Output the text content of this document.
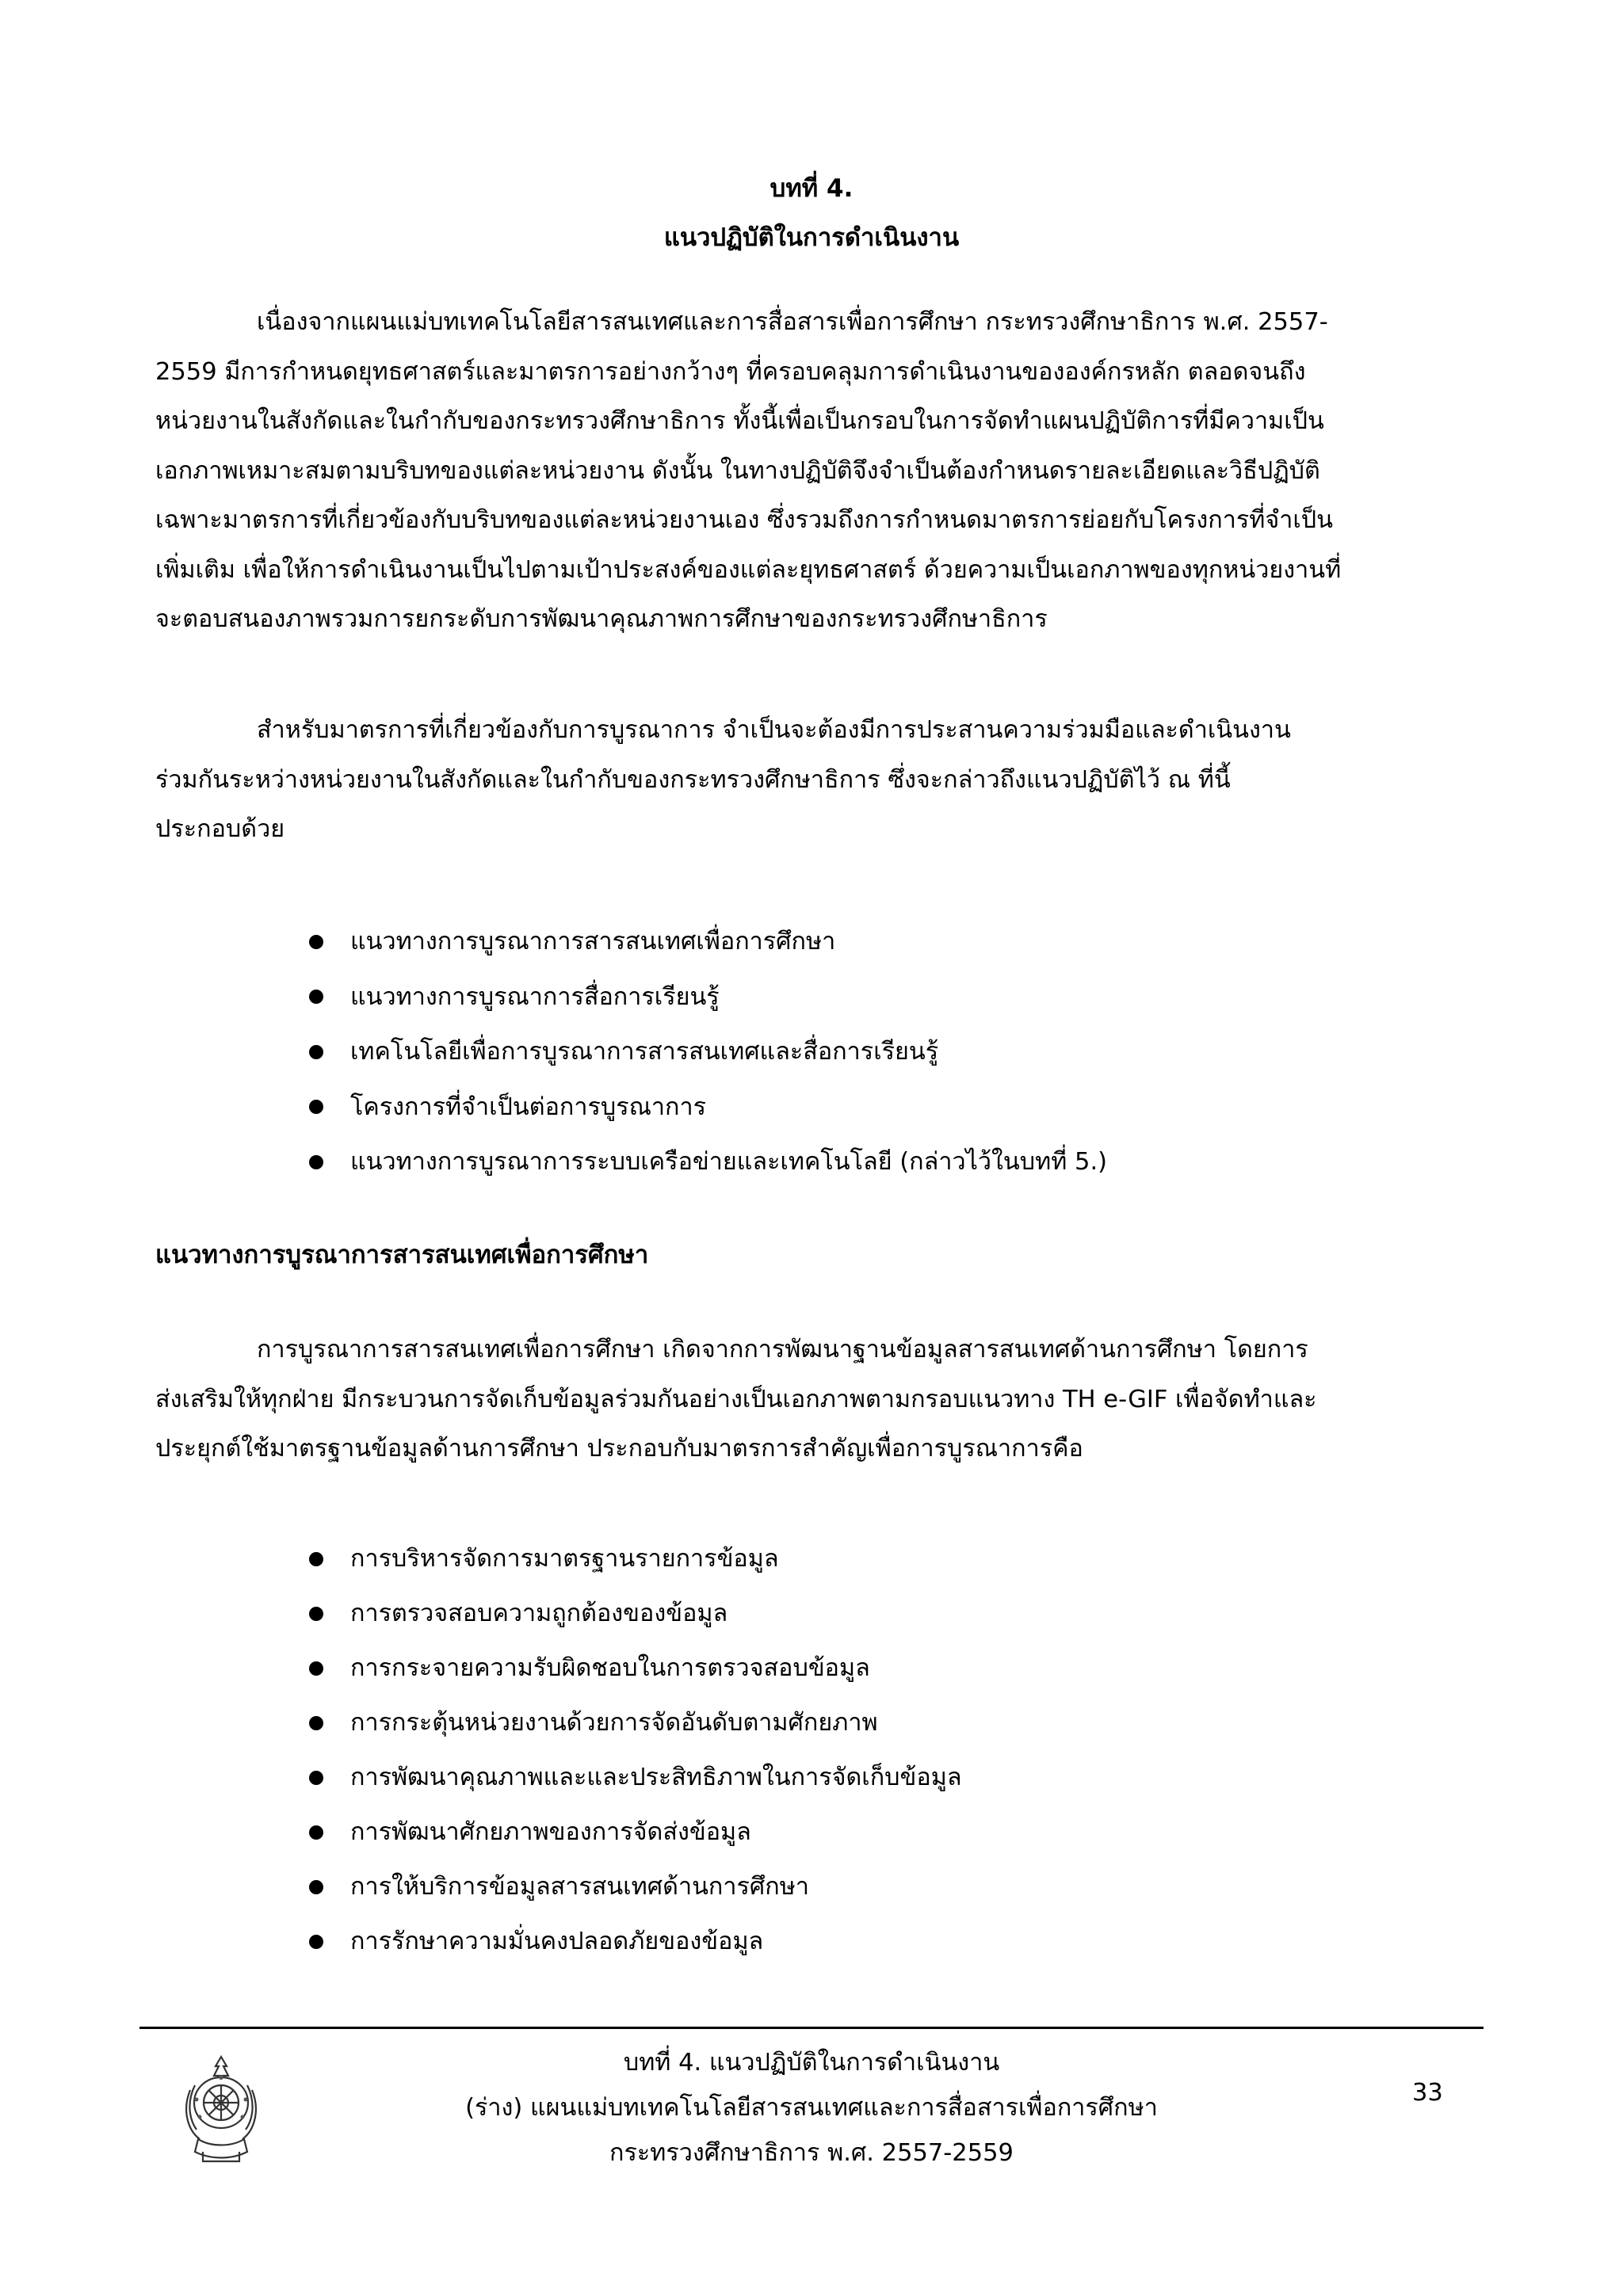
บทที่ 4.
แนวปฏิบัติในการดำเนินงาน
เนื่องจากแผนแม่บทเทคโนโลยีสารสนเทศและการสื่อสารเพื่อการศึกษา กระทรวงศึกษาธิการ พ.ศ. 2557-
2559 มีการกำหนดยุทธศาสตร์และมาตรการอย่างกว้างๆ ที่ครอบคลุมการดำเนินงานขององค์กรหลัก ตลอดจนถึง
หน่วยงานในสังกัดและในกำกับของกระทรวงศึกษาธิการ ทั้งนี้เพื่อเป็นกรอบในการจัดทำแผนปฏิบัติการที่มีความเป็น
เอกภาพเหมาะสมตามบริบทของแต่ละหน่วยงาน ดังนั้น ในทางปฏิบัติจึงจำเป็นต้องกำหนดรายละเอียดและวิธีปฏิบัติ
เฉพาะมาตรการที่เกี่ยวข้องกับบริบทของแต่ละหน่วยงานเอง ซึ่งรวมถึงการกำหนดมาตรการย่อยกับโครงการที่จำเป็น
เพิ่มเติม เพื่อให้การดำเนินงานเป็นไปตามเป้าประสงค์ของแต่ละยุทธศาสตร์ ด้วยความเป็นเอกภาพของทุกหน่วยงานที่
จะตอบสนองภาพรวมการยกระดับการพัฒนาคุณภาพการศึกษาของกระทรวงศึกษาธิการ
สำหรับมาตรการที่เกี่ยวข้องกับการบูรณาการ จำเป็นจะต้องมีการประสานความร่วมมือและดำเนินงาน
ร่วมกันระหว่างหน่วยงานในสังกัดและในกำกับของกระทรวงศึกษาธิการ ซึ่งจะกล่าวถึงแนวปฏิบัติไว้ ณ ที่นี้
ประกอบด้วย
แนวทางการบูรณาการสารสนเทศเพื่อการศึกษา
แนวทางการบูรณาการสื่อการเรียนรู้
เทคโนโลยีเพื่อการบูรณาการสารสนเทศและสื่อการเรียนรู้
โครงการที่จำเป็นต่อการบูรณาการ
แนวทางการบูรณาการระบบเครือข่ายและเทคโนโลยี (กล่าวไว้ในบทที่ 5.)
แนวทางการบูรณาการสารสนเทศเพื่อการศึกษา
การบูรณาการสารสนเทศเพื่อการศึกษา เกิดจากการพัฒนาฐานข้อมูลสารสนเทศด้านการศึกษา โดยการ
ส่งเสริมให้ทุกฝ่าย มีกระบวนการจัดเก็บข้อมูลร่วมกันอย่างเป็นเอกภาพตามกรอบแนวทาง TH e-GIF เพื่อจัดทำและ
ประยุกต์ใช้มาตรฐานข้อมูลด้านการศึกษา ประกอบกับมาตรการสำคัญเพื่อการบูรณาการคือ
การบริหารจัดการมาตรฐานรายการข้อมูล
การตรวจสอบความถูกต้องของข้อมูล
การกระจายความรับผิดชอบในการตรวจสอบข้อมูล
การกระตุ้นหน่วยงานด้วยการจัดอันดับตามศักยภาพ
การพัฒนาคุณภาพและและประสิทธิภาพในการจัดเก็บข้อมูล
การพัฒนาศักยภาพของการจัดส่งข้อมูล
การให้บริการข้อมูลสารสนเทศด้านการศึกษา
การรักษาความมั่นคงปลอดภัยของข้อมูล
บทที่ 4. แนวปฏิบัติในการดำเนินงาน
(ร่าง) แผนแม่บทเทคโนโลยีสารสนเทศและการสื่อสารเพื่อการศึกษา
กระทรวงศึกษาธิการ พ.ศ. 2557-2559
33
